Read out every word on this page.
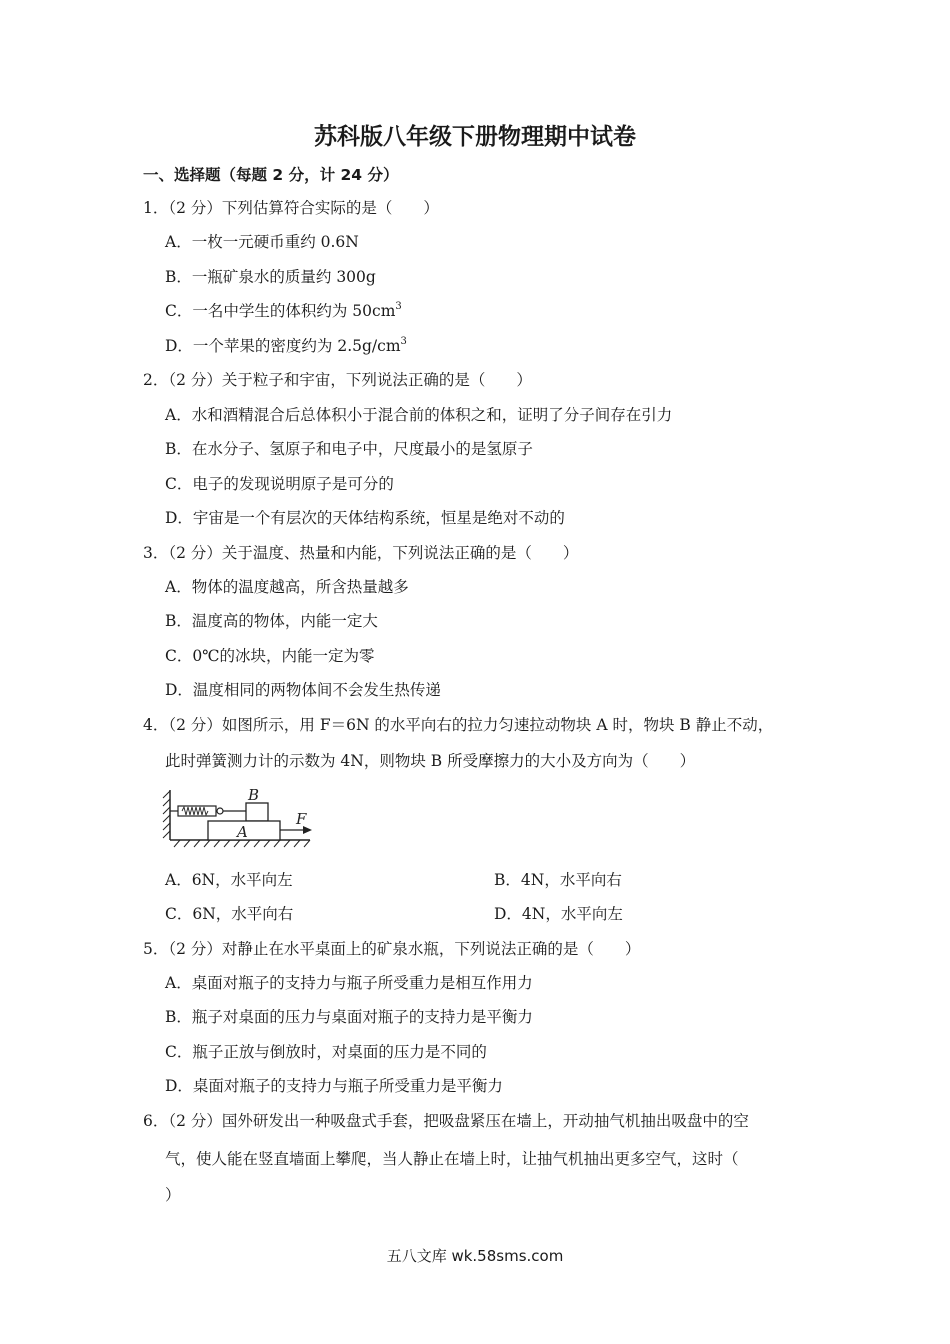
苏科版八年级下册物理期中试卷
一、选择题（每题 2 分，计 24 分）
1．（2 分）下列估算符合实际的是（　　）
A．一枚一元硬币重约 0.6N
B．一瓶矿泉水的质量约 300g
C．一名中学生的体积约为 $50cm^3$
D．一个苹果的密度约为 $2.5g/cm^3$
2．（2 分）关于粒子和宇宙，下列说法正确的是（　　）
A．水和酒精混合后总体积小于混合前的体积之和，证明了分子间存在引力
B．在水分子、氢原子和电子中，尺度最小的是氢原子
C．电子的发现说明原子是可分的
D．宇宙是一个有层次的天体结构系统，恒星是绝对不动的
3．（2 分）关于温度、热量和内能，下列说法正确的是（　　）
A．物体的温度越高，所含热量越多
B．温度高的物体，内能一定大
C．0℃的冰块，内能一定为零
D．温度相同的两物体间不会发生热传递
4．（2 分）如图所示，用 F＝6N 的水平向右的拉力匀速拉动物块 A 时，物块 B 静止不动，
此时弹簧测力计的示数为 4N，则物块 B 所受摩擦力的大小及方向为（　　）
B
A
F
A．6N，水平向左	B．4N，水平向右
C．6N，水平向右	D．4N，水平向左
5．（2 分）对静止在水平桌面上的矿泉水瓶，下列说法正确的是（　　）
A．桌面对瓶子的支持力与瓶子所受重力是相互作用力
B．瓶子对桌面的压力与桌面对瓶子的支持力是平衡力
C．瓶子正放与倒放时，对桌面的压力是不同的
D．桌面对瓶子的支持力与瓶子所受重力是平衡力
6．（2 分）国外研发出一种吸盘式手套，把吸盘紧压在墙上，开动抽气机抽出吸盘中的空
气，使人能在竖直墙面上攀爬，当人静止在墙上时，让抽气机抽出更多空气，这时（
）
五八文库 wk.58sms.com
